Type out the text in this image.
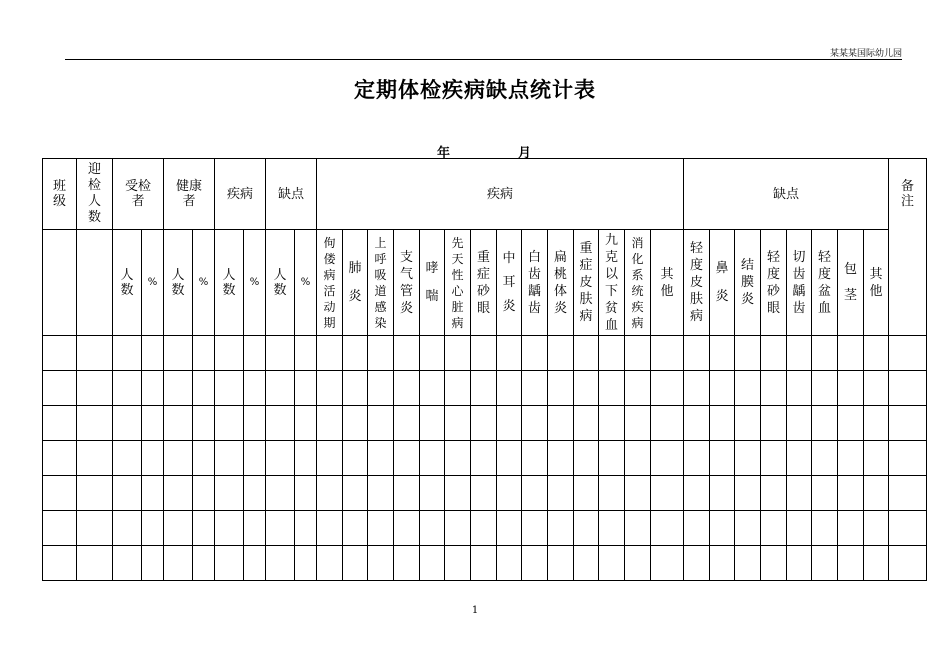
某某某国际幼儿园
定期体检疾病缺点统计表
年	月
班级	迎检人数	受检者		健康者		疾病		缺点		疾病														缺点								备注
		人数	%	人数	%	人数	%	人数	%	佝偻病活动期	肺炎	上呼吸道感染	支气管炎	哮喘	先天性心脏病	重症砂眼	中耳炎	白齿龋齿	扁桃体炎	重症皮肤病	九克以下贫血	消化系统疾病	其他	轻度皮肤病	鼻炎	结膜炎	轻度砂眼	切齿龋齿	轻度盆血	包茎	其他	

1
